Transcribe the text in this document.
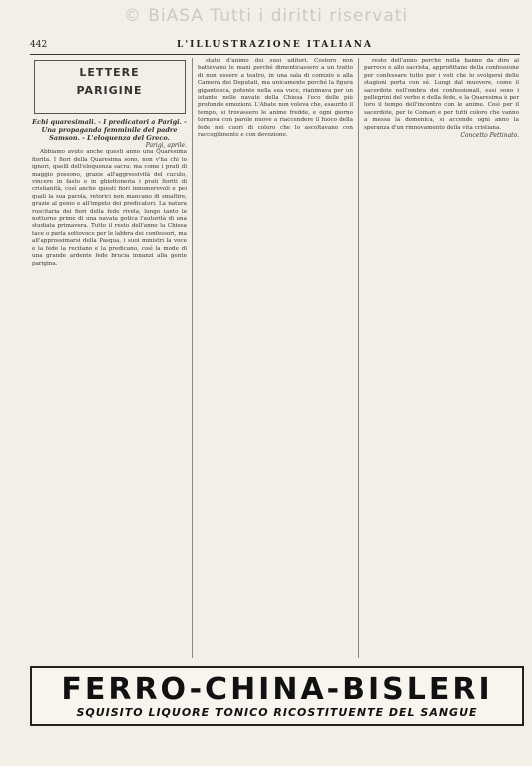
© BiASA Tutti i diritti riservati
442	L'ILLUSTRAZIONE ITALIANA
LETTERE
PARIGINE
Echi quaresimali. - I predicatori a Parigi. - Una propaganda femminile del padre Samson. - L'eloquenza del Greco.
Parigi, aprile.

Abbiamo avuto anche questi anno una Quaresima fiorita. I fiori della Quaresima sono, non v'ha chi lo ignori, quelli dell'eloquenza sacra: ma come i prati di maggio possono, grazie all'aggressività del cuculo, vincere in fasto e in ghiottoneria i prati fioriti di cristianità, così anche questi fiori innumerevoli e pei quali la sua parola, retorici non mancano di smaltire, grazie al genio e all'impeto dei predicatori. La natura ruscitaria dei fiori della fede rivela, lungo tanto le notturne prime di una navata gotica l'autorità di una studiata primavera. Tutto il resto dell'anno la Chiesa tace o parla sottovoce per le labbra dei confessori, ma all'approssimarsi della Pasqua, i suoi ministri la voce e la fede la recitano e la predicano, così la mode di una grande ardente fede brucia innanzi alla gente parigina.

stato d'animo dei suoi uditori. Costoro non battevano le mani perché dimenticassero a un tratto di non essere a teatro, in una sala di comizio o alla Camera dei Deputati, ma unicamente perché la figura gigantesca, potente nella sua voce, rianimava per un istante nelle navate della Chiesa l'eco delle più profonde emozioni. L'Abate non voleva che, esaurito il tempo, si trovassero le anime fredde, e ogni giorno tornava con parole nuove a riaccendere il fuoco della fede nei cuori di coloro che lo ascoltavano con raccoglimento e con devozione.

resto dell'anno perché nulla hanno da dire al parroco e allo sacrista, approfittano della confessione per confessare tutto per i voti che lo svolgersi delle stagioni porta con sé. Lungi dal muovere, come il sacerdote nell'ombra dei confessionali, essi sono i pellegrini del verbo e della fede, e la Quaresima è per loro il tempo dell'incontro con le anime. Così per il sacerdote, per le Comari e per tutti coloro che vanno a messa la domenica, si accende ogni anno la speranza d'un rinnovamento della vita cristiana.

Concetto Pettinato.
FERRO-CHINA-BISLERI
SQUISITO LIQUORE TONICO RICOSTITUENTE DEL SANGUE
